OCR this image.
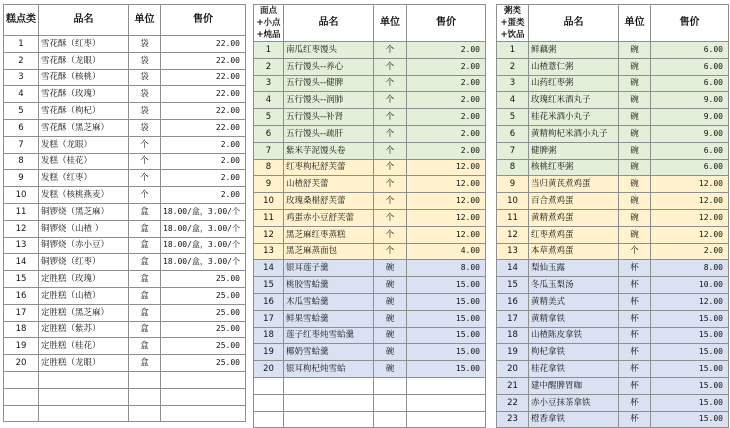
糕点类	品名	单位	售价
1	雪花酥（红枣）	袋	22.00
2	雪花酥（龙眼）	袋	22.00
3	雪花酥（核桃）	袋	22.00
4	雪花酥（玫瑰）	袋	22.00
5	雪花酥（枸杞）	袋	22.00
6	雪花酥（黑芝麻）	袋	22.00
7	发糕（龙眼）	个	2.00
8	发糕（桂花）	个	2.00
9	发糕（红枣）	个	2.00
10	发糕（核桃燕麦）	个	2.00
11	铜锣烧（黑芝麻）	盒	18.00/盒，3.00/个
12	铜锣烧（山楂 ）	盒	18.00/盒，3.00/个
13	铜锣烧（赤小豆）	盒	18.00/盒，3.00/个
14	铜锣烧（红枣）	盒	18.00/盒，3.00/个
15	定胜糕（玫瑰）	盒	25.00
16	定胜糕（山楂）	盒	25.00
17	定胜糕（黑芝麻）	盒	25.00
18	定胜糕（紫苏）	盒	25.00
19	定胜糕（桂花）	盒	25.00
20	定胜糕（龙眼）	盒	25.00

面点+小点+炖品	品名	单位	售价
1	南瓜红枣馒头	个	2.00
2	五行馒头--养心	个	2.00
3	五行馒头--健脾	个	2.00
4	五行馒头--润肺	个	2.00
5	五行馒头--补肾	个	2.00
6	五行馒头--疏肝	个	2.00
7	紫米芋泥馒头卷	个	2.00
8	红枣枸杞舒芙蕾	个	12.00
9	山楂舒芙蕾	个	12.00
10	玫瑰桑椹舒芙蕾	个	12.00
11	鸡蛋赤小豆舒芙蕾	个	12.00
12	黑芝麻红枣蒸糕	个	12.00
13	黑芝麻蒸面包	个	4.00
14	银耳莲子羹	碗	8.00
15	桃胶雪蛤羹	碗	15.00
16	木瓜雪蛤羹	碗	15.00
17	鲜果雪蛤羹	碗	15.00
18	莲子红枣炖雪蛤羹	碗	15.00
19	椰奶雪蛤羹	碗	15.00
20	银耳枸杞炖雪蛤	碗	15.00

粥类+蛋类+饮品	品名	单位	售价
1	鲜藕粥	碗	6.00
2	山楂薏仁粥	碗	6.00
3	山药红枣粥	碗	6.00
4	玫瑰红米酒丸子	碗	9.00
5	桂花米酒小丸子	碗	9.00
6	黄精枸杞米酒小丸子	碗	9.00
7	健脾粥	碗	6.00
8	核桃红枣粥	碗	6.00
9	当归黄芪煮鸡蛋	碗	12.00
10	百合煮鸡蛋	碗	12.00
11	黄精煮鸡蛋	碗	12.00
12	红枣煮鸡蛋	碗	12.00
13	本草煮鸡蛋	个	2.00
14	梨仙玉露	杯	8.00
15	冬瓜玉梨汤	杯	10.00
16	黄精美式	杯	12.00
17	黄精拿铁	杯	15.00
18	山楂陈皮拿铁	杯	15.00
19	枸杞拿铁	杯	15.00
20	桂花拿铁	杯	15.00
21	建中醒脾胃咖	杯	15.00
22	赤小豆抹茶拿铁	杯	15.00
23	橙香拿铁	杯	15.00
